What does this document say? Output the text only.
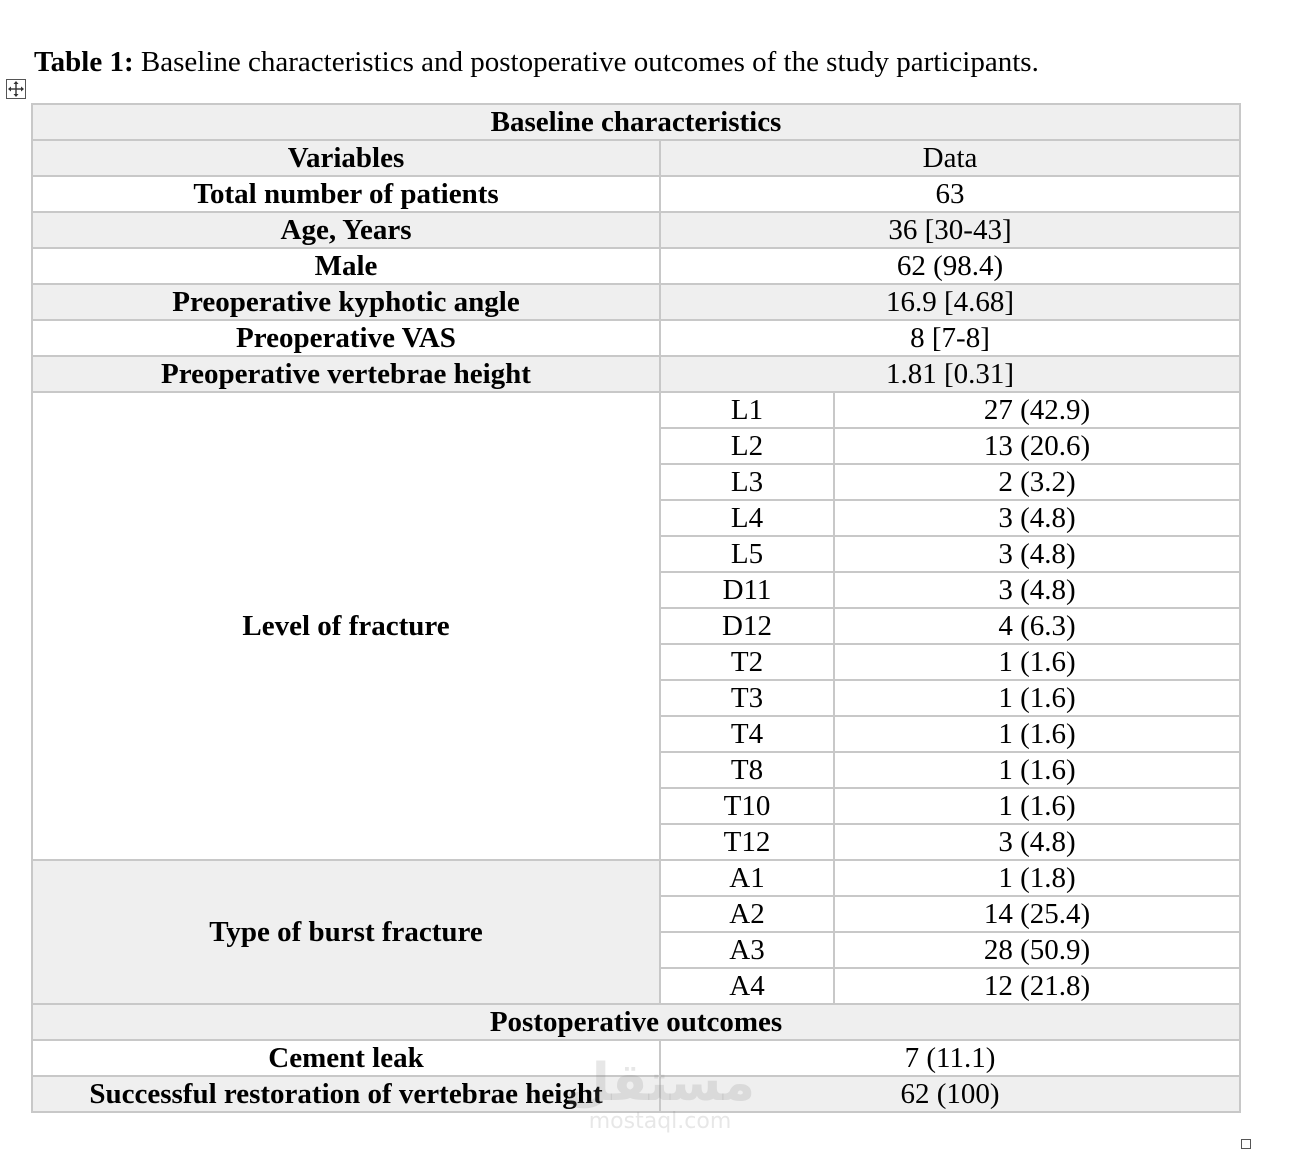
Table 1: Baseline characteristics and postoperative outcomes of the study participants.
Baseline characteristics		
Variables	Data	
Total number of patients	63	
Age, Years	36 [30-43]	
Male	62 (98.4)	
Preoperative kyphotic angle	16.9 [4.68]	
Preoperative VAS	8 [7-8]	
Preoperative vertebrae height	1.81 [0.31]	
Level of fracture	L1	27 (42.9)
	L2	13 (20.6)
	L3	2 (3.2)
	L4	3 (4.8)
	L5	3 (4.8)
	D11	3 (4.8)
	D12	4 (6.3)
	T2	1 (1.6)
	T3	1 (1.6)
	T4	1 (1.6)
	T8	1 (1.6)
	T10	1 (1.6)
	T12	3 (4.8)
Type of burst fracture	A1	1 (1.8)
	A2	14 (25.4)
	A3	28 (50.9)
	A4	12 (21.8)
Postoperative outcomes		
Cement leak	7 (11.1)	
Successful restoration of vertebrae height	62 (100)	
mostaql.com
